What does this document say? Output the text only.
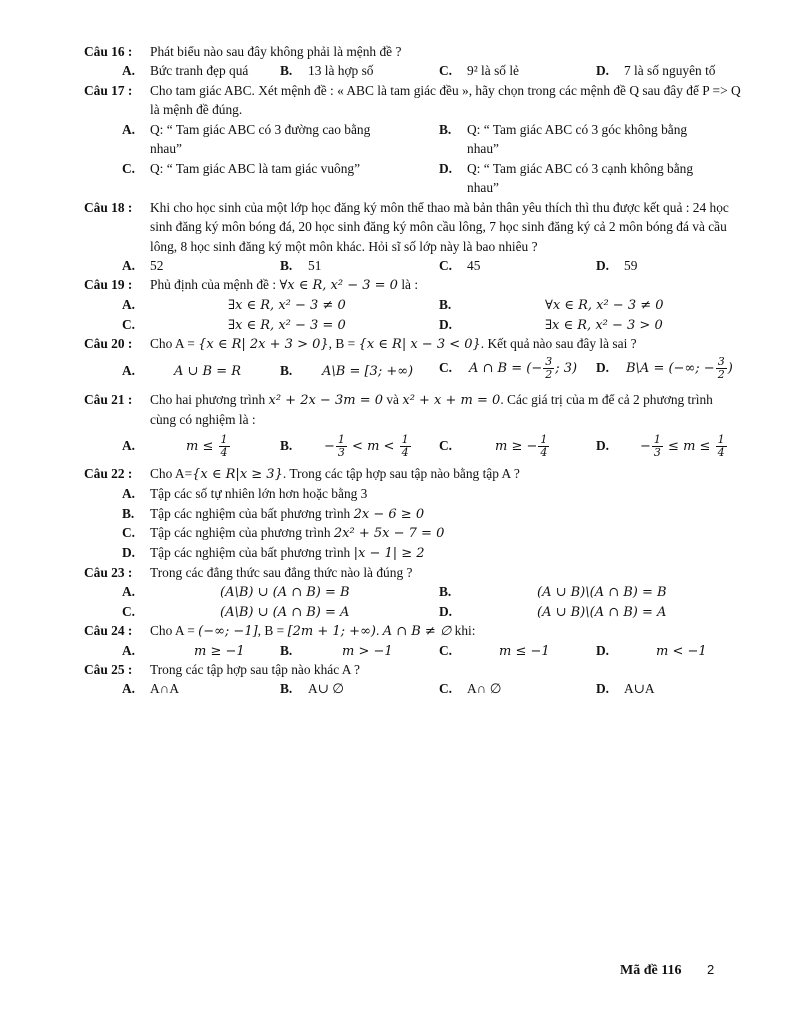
Câu 16 : Phát biểu nào sau đây không phải là mệnh đề ?
A. Bức tranh đẹp quá B. 13 là hợp số	C. 9² là số lẻ	D. 7 là số nguyên tố
Câu 17 : Cho tam giác ABC. Xét mệnh đề : « ABC là tam giác đều », hãy chọn trong các mệnh đề Q sau đây để P => Q là mệnh đề đúng.
A.	Q: “ Tam giác ABC có 3 đường cao bằng nhau”
B.	Q: “ Tam giác ABC có 3 góc không bằng nhau”
C.	Q: “ Tam giác ABC là tam giác vuông”	D.	Q: “ Tam giác ABC có 3 cạnh không bằng nhau”
Câu 18 : Khi cho học sinh của một lớp học đăng ký môn thể thao mà bản thân yêu thích thì thu được kết quả : 24 học sinh đăng ký môn bóng đá, 20 học sinh đăng ký môn cầu lông, 7 học sinh đăng ký cả 2 môn bóng đá và cầu lông, 8 học sinh đăng ký một môn khác. Hỏi sĩ số lớp này là bao nhiêu ?
A. 52	B. 51	C. 45	D. 59
Câu 19 : Phủ định của mệnh đề : ∀x ∈ R, x² − 3 = 0 là :
A.	∃x ∈ R, x² − 3 ≠ 0	B.	∀x ∈ R, x² − 3 ≠ 0
C.	∃x ∈ R, x² − 3 = 0	D.	∃x ∈ R, x² − 3 > 0
Câu 20 : Cho A = {x ∈ R| 2x + 3 > 0}, B = {x ∈ R| x − 3 < 0}. Kết quả nào sau đây là sai ?
A.	A ∪ B = R	B. A\B = [3; +∞) C. A ∩ B = (− $\frac{3}{2}$ ; 3) D. B\A = (−∞; − $\frac{3}{2}$ )
Câu 21 : Cho hai phương trình x² + 2x − 3m = 0 và x² + x + m = 0. Các giá trị của m để cả 2 phương trình cùng có nghiệm là :
A.	$m \le \frac{1}{4}$	B. − $\frac{1}{3} < m < \frac{1}{4} C$.	m ≥ − $\frac{1}{4}$	D. − $\frac{1}{3} \le m \le \frac{1}{4}$
Câu 22 : Cho A={x ∈ R|x ≥ 3}. Trong các tập hợp sau tập nào bằng tập A ?
A. Tập các số tự nhiên lớn hơn hoặc bằng 3
B. Tập các nghiệm của bất phương trình 2x − 6 ≥ 0
C. Tập các nghiệm của phương trình 2x² + 5x − 7 = 0
D. Tập các nghiệm của bất phương trình |x − 1| ≥ 2
Câu 23 : Trong các đẳng thức sau đẳng thức nào là đúng ?
A.	(A\B) ∪ (A ∩ B) = B	B.	(A ∪ B)\(A ∩ B) = B
C.	(A\B) ∪ (A ∩ B) = A	D.	(A ∪ B)\(A ∩ B) = A
Câu 24 : Cho A = (−∞; −1], B = [2m + 1; +∞). A ∩ B ≠ ∅ khi:
A.	m ≥ −1	B.	m > −1	C.	m ≤ −1	D.	m < −1
Câu 25 : Trong các tập hợp sau tập nào khác A ?
A. A∩A	B. A∪ ∅	C. A∩ ∅	D. A∪A
Mã đề 116 2
